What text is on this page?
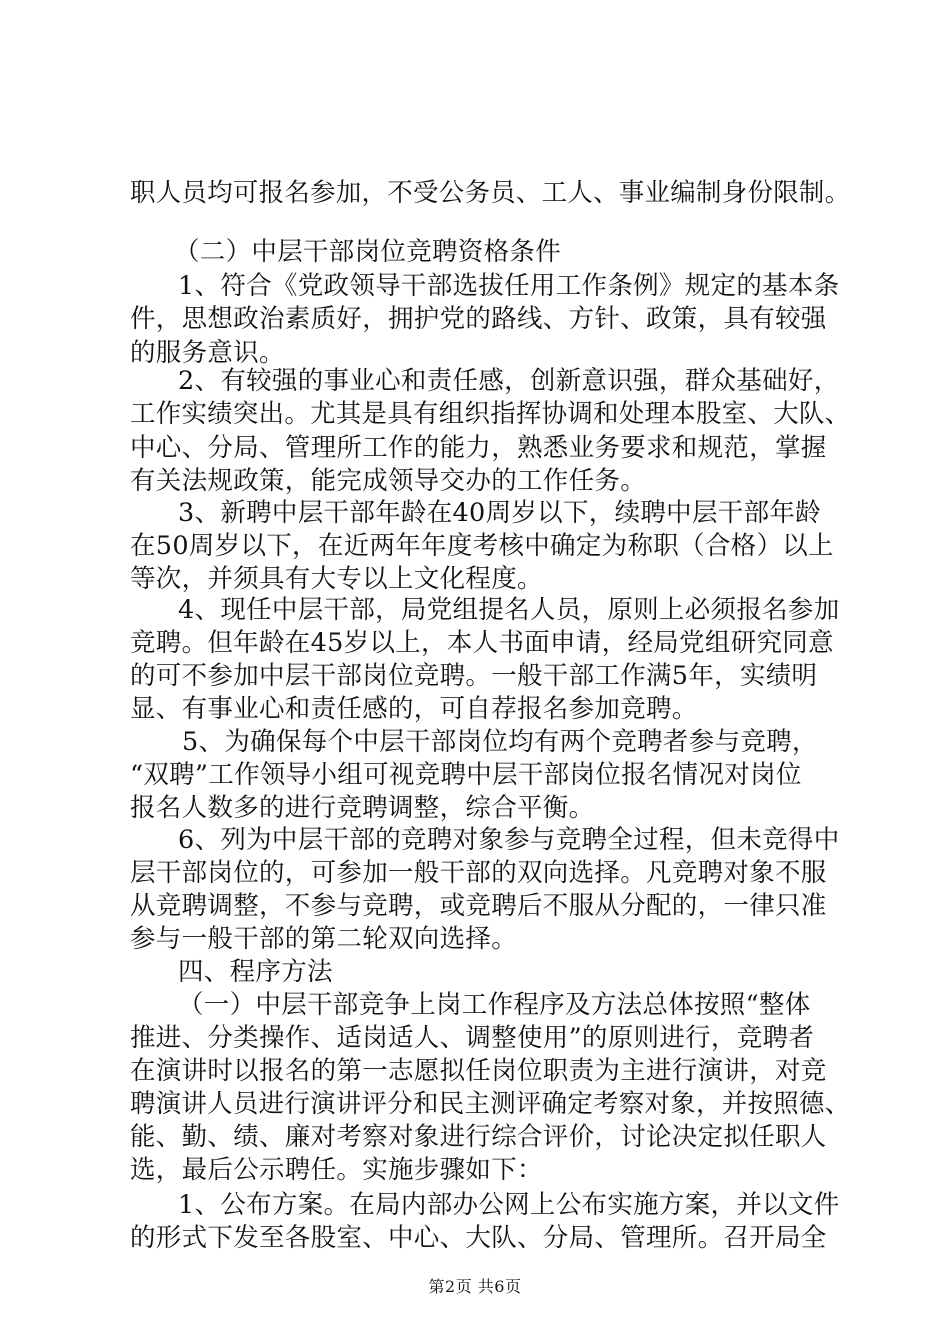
职人员均可报名参加，不受公务员、工人、事业编制身份限制。
（二）中层干部岗位竞聘资格条件
1、符合《党政领导干部选拔任用工作条例》规定的基本条
件，思想政治素质好，拥护党的路线、方针、政策，具有较强
的服务意识。
2、有较强的事业心和责任感，创新意识强，群众基础好，
工作实绩突出。尤其是具有组织指挥协调和处理本股室、大队、
中心、分局、管理所工作的能力，熟悉业务要求和规范，掌握
有关法规政策，能完成领导交办的工作任务。
3、新聘中层干部年龄在40周岁以下，续聘中层干部年龄
在50周岁以下，在近两年年度考核中确定为称职（合格）以上
等次，并须具有大专以上文化程度。
4、现任中层干部，局党组提名人员，原则上必须报名参加
竞聘。但年龄在45岁以上，本人书面申请，经局党组研究同意
的可不参加中层干部岗位竞聘。一般干部工作满5年，实绩明
显、有事业心和责任感的，可自荐报名参加竞聘。
5、为确保每个中层干部岗位均有两个竞聘者参与竞聘，
“双聘”工作领导小组可视竞聘中层干部岗位报名情况对岗位
报名人数多的进行竞聘调整，综合平衡。
6、列为中层干部的竞聘对象参与竞聘全过程，但未竞得中
层干部岗位的，可参加一般干部的双向选择。凡竞聘对象不服
从竞聘调整，不参与竞聘，或竞聘后不服从分配的，一律只准
参与一般干部的第二轮双向选择。
四、程序方法
（一）中层干部竞争上岗工作程序及方法总体按照“整体
推进、分类操作、适岗适人、调整使用”的原则进行，竞聘者
在演讲时以报名的第一志愿拟任岗位职责为主进行演讲，对竞
聘演讲人员进行演讲评分和民主测评确定考察对象，并按照德、
能、勤、绩、廉对考察对象进行综合评价，讨论决定拟任职人
选，最后公示聘任。实施步骤如下：
1、公布方案。在局内部办公网上公布实施方案，并以文件
的形式下发至各股室、中心、大队、分局、管理所。召开局全
第2页 共6页
